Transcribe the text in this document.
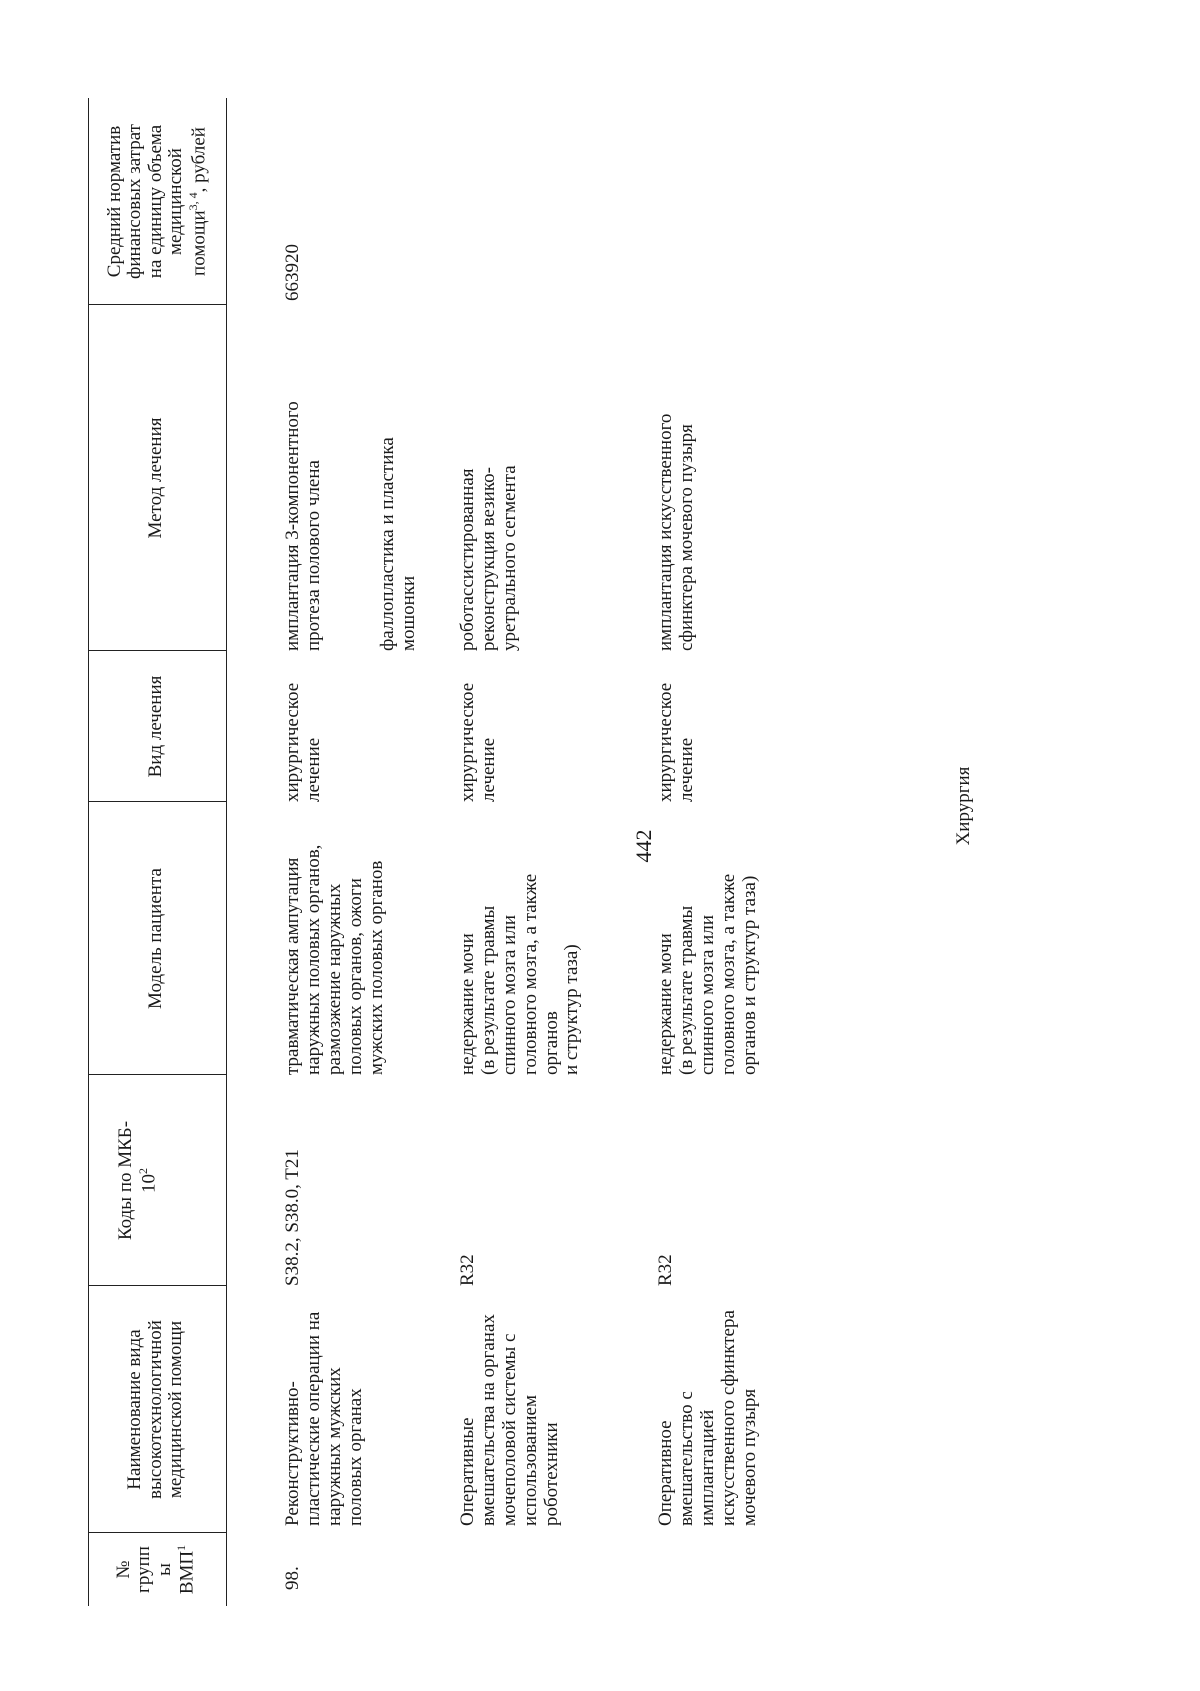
442
№
групп
ы
ВМП$^1$
Наименование вида
высокотехнологичной
медицинской помощи
Коды по МКБ-
$10^2$
Модель пациента
Вид лечения
Метод лечения
Средний норматив
финансовых затрат
на единицу объема
медицинской
помощи$^{3, 4}$, рублей
98.
Реконструктивно-
пластические операции на
наружных мужских
половых органах
S38.2, S38.0, T21
травматическая ампутация
наружных половых органов,
размозжение наружных
половых органов, ожоги
мужских половых органов
хирургическое
лечение
имплантация 3-компонентного
протеза полового члена
фаллопластика и пластика
мошонки
663920
Оперативные
вмешательства на органах
мочеполовой системы с
использованием
роботехники
R32
недержание мочи
(в результате травмы
спинного мозга или
головного мозга, а также
органов
и структур таза)
хирургическое
лечение
роботассистированная
реконструкция везико-
уретрального сегмента
Оперативное
вмешательство с
имплантацией
искусственного сфинктера
мочевого пузыря
R32
недержание мочи
(в результате травмы
спинного мозга или
головного мозга, а также
органов и структур таза)
хирургическое
лечение
имплантация искусственного
сфинктера мочевого пузыря
Хирургия
